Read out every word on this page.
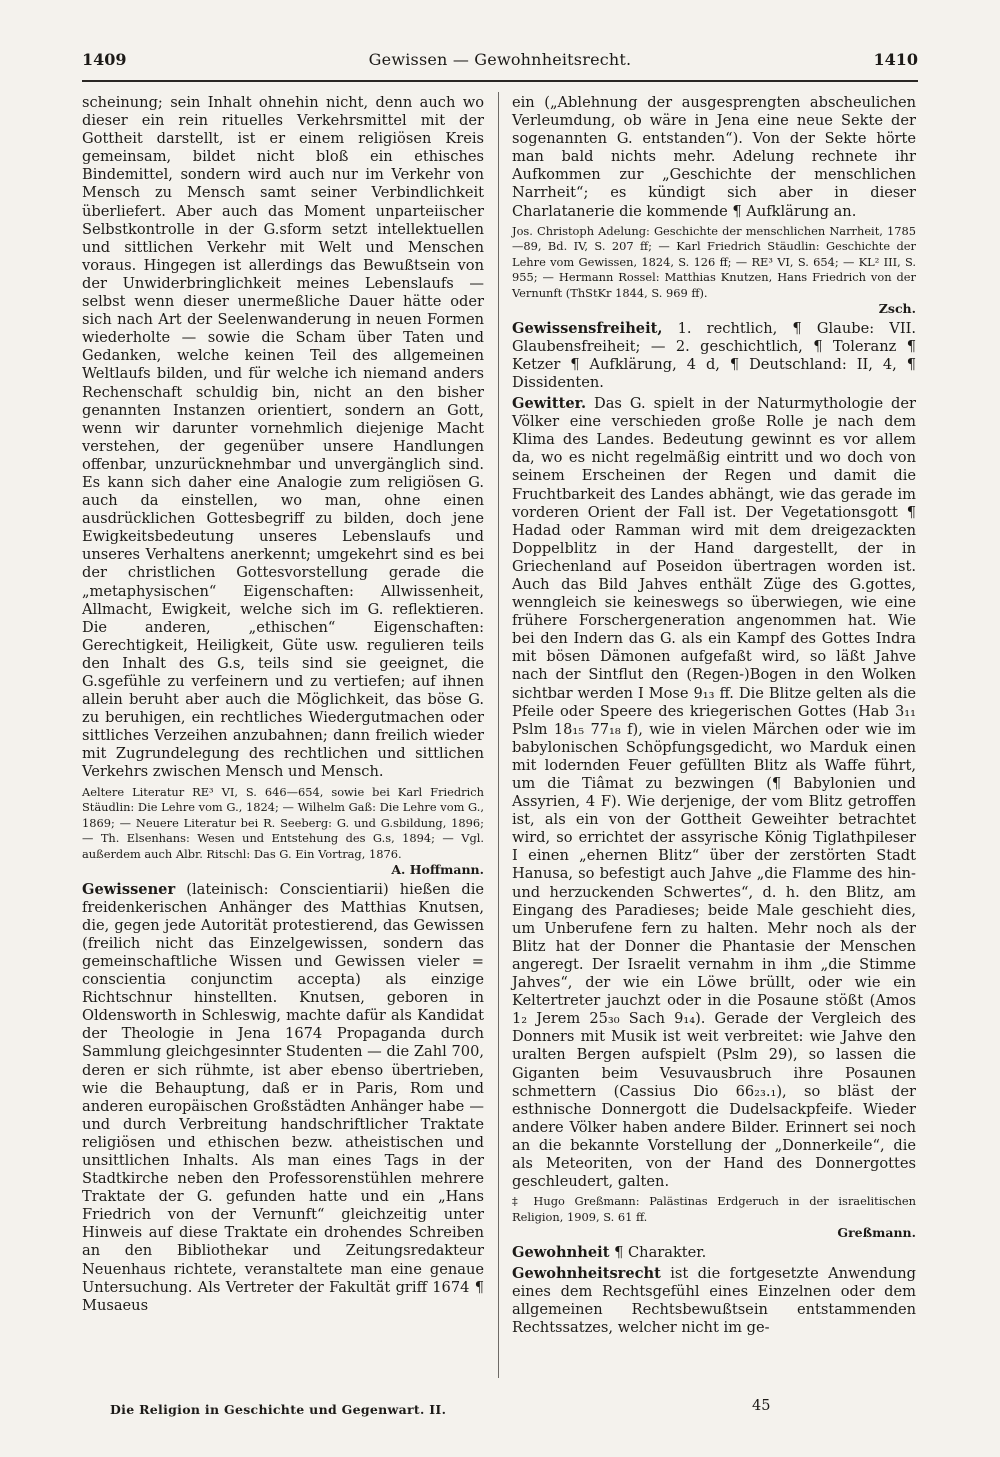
1409	Gewissen — Gewohnheitsrecht.	1410

scheinung; sein Inhalt ohnehin nicht, denn auch wo dieser ein rein rituelles Verkehrsmittel mit der Gottheit darstellt, ist er einem religiösen Kreis gemeinsam, bildet nicht bloß ein ethisches Bindemittel, sondern wird auch nur im Verkehr von Mensch zu Mensch samt seiner Verbindlichkeit überliefert. Aber auch das Moment unparteiischer Selbstkontrolle in der G.sform setzt intellektuellen und sittlichen Verkehr mit Welt und Menschen voraus. Hingegen ist allerdings das Bewußtsein von der Unwiderbringlichkeit meines Lebenslaufs — selbst wenn dieser unermeßliche Dauer hätte oder sich nach Art der Seelenwanderung in neuen Formen wiederholte — sowie die Scham über Taten und Gedanken, welche keinen Teil des allgemeinen Weltlaufs bilden, und für welche ich niemand anders Rechenschaft schuldig bin, nicht an den bisher genannten Instanzen orientiert, sondern an Gott, wenn wir darunter vornehmlich diejenige Macht verstehen, der gegenüber unsere Handlungen offenbar, unzurücknehmbar und unvergänglich sind. Es kann sich daher eine Analogie zum religiösen G. auch da einstellen, wo man, ohne einen ausdrücklichen Gottesbegriff zu bilden, doch jene Ewigkeitsbedeutung unseres Lebenslaufs und unseres Verhaltens anerkennt; umgekehrt sind es bei der christlichen Gottesvorstellung gerade die „metaphysischen“ Eigenschaften: Allwissenheit, Allmacht, Ewigkeit, welche sich im G. reflektieren. Die anderen, „ethischen“ Eigenschaften: Gerechtigkeit, Heiligkeit, Güte usw. regulieren teils den Inhalt des G.s, teils sind sie geeignet, die G.sgefühle zu verfeinern und zu vertiefen; auf ihnen allein beruht aber auch die Möglichkeit, das böse G. zu beruhigen, ein rechtliches Wiedergutmachen oder sittliches Verzeihen anzubahnen; dann freilich wieder mit Zugrundelegung des rechtlichen und sittlichen Verkehrs zwischen Mensch und Mensch.

Aeltere Literatur RE³ VI, S. 646—654, sowie bei Karl Friedrich Stäudlin: Die Lehre vom G., 1824; — Wilhelm Gaß: Die Lehre vom G., 1869; — Neuere Literatur bei R. Seeberg: G. und G.sbildung, 1896; — Th. Elsenhans: Wesen und Entstehung des G.s, 1894; — Vgl. außerdem auch Albr. Ritschl: Das G. Ein Vortrag, 1876.
A. Hoffmann.

Gewissener (lateinisch: Conscientiarii) hießen die freidenkerischen Anhänger des Matthias Knutsen, die, gegen jede Autorität protestierend, das Gewissen (freilich nicht das Einzelgewissen, sondern das gemeinschaftliche Wissen und Gewissen vieler = conscientia conjunctim accepta) als einzige Richtschnur hinstellten. Knutsen, geboren in Oldensworth in Schleswig, machte dafür als Kandidat der Theologie in Jena 1674 Propaganda durch Sammlung gleichgesinnter Studenten — die Zahl 700, deren er sich rühmte, ist aber ebenso übertrieben, wie die Behauptung, daß er in Paris, Rom und anderen europäischen Großstädten Anhänger habe — und durch Verbreitung handschriftlicher Traktate religiösen und ethischen bezw. atheistischen und unsittlichen Inhalts. Als man eines Tags in der Stadtkirche neben den Professorenstühlen mehrere Traktate der G. gefunden hatte und ein „Hans Friedrich von der Vernunft“ gleichzeitig unter Hinweis auf diese Traktate ein drohendes Schreiben an den Bibliothekar und Zeitungsredakteur Neuenhaus richtete, veranstaltete man eine genaue Untersuchung. Als Vertreter der Fakultät griff 1674 ¶ Musaeus

ein („Ablehnung der ausgesprengten abscheulichen Verleumdung, ob wäre in Jena eine neue Sekte der sogenannten G. entstanden“). Von der Sekte hörte man bald nichts mehr. Adelung rechnete ihr Aufkommen zur „Geschichte der menschlichen Narrheit“; es kündigt sich aber in dieser Charlatanerie die kommende ¶ Aufklärung an.

Jos. Christoph Adelung: Geschichte der menschlichen Narrheit, 1785—89, Bd. IV, S. 207 ff; — Karl Friedrich Stäudlin: Geschichte der Lehre vom Gewissen, 1824, S. 126 ff; — RE³ VI, S. 654; — KL² III, S. 955; — Hermann Rossel: Matthias Knutzen, Hans Friedrich von der Vernunft (ThStKr 1844, S. 969 ff).
Zsch.

Gewissensfreiheit, 1. rechtlich, ¶ Glaube: VII. Glaubensfreiheit; — 2. geschichtlich, ¶ Toleranz ¶ Ketzer ¶ Aufklärung, 4 d, ¶ Deutschland: II, 4, ¶ Dissidenten.

Gewitter. Das G. spielt in der Naturmythologie der Völker eine verschieden große Rolle je nach dem Klima des Landes. Bedeutung gewinnt es vor allem da, wo es nicht regelmäßig eintritt und wo doch von seinem Erscheinen der Regen und damit die Fruchtbarkeit des Landes abhängt, wie das gerade im vorderen Orient der Fall ist. Der Vegetationsgott ¶ Hadad oder Ramman wird mit dem dreigezackten Doppelblitz in der Hand dargestellt, der in Griechenland auf Poseidon übertragen worden ist. Auch das Bild Jahves enthält Züge des G.gottes, wenngleich sie keineswegs so überwiegen, wie eine frühere Forschergeneration angenommen hat. Wie bei den Indern das G. als ein Kampf des Gottes Indra mit bösen Dämonen aufgefaßt wird, so läßt Jahve nach der Sintflut den (Regen-)Bogen in den Wolken sichtbar werden I Mose 9₁₃ ff. Die Blitze gelten als die Pfeile oder Speere des kriegerischen Gottes (Hab 3₁₁ Pslm 18₁₅ 77₁₈ f), wie in vielen Märchen oder wie im babylonischen Schöpfungsgedicht, wo Marduk einen mit lodernden Feuer gefüllten Blitz als Waffe führt, um die Tiâmat zu bezwingen (¶ Babylonien und Assyrien, 4 F). Wie derjenige, der vom Blitz getroffen ist, als ein von der Gottheit Geweihter betrachtet wird, so errichtet der assyrische König Tiglathpileser I einen „ehernen Blitz“ über der zerstörten Stadt Hanusa, so befestigt auch Jahve „die Flamme des hin- und herzuckenden Schwertes“, d. h. den Blitz, am Eingang des Paradieses; beide Male geschieht dies, um Unberufene fern zu halten. Mehr noch als der Blitz hat der Donner die Phantasie der Menschen angeregt. Der Israelit vernahm in ihm „die Stimme Jahves“, der wie ein Löwe brüllt, oder wie ein Keltertreter jauchzt oder in die Posaune stößt (Amos 1₂ Jerem 25₃₀ Sach 9₁₄). Gerade der Vergleich des Donners mit Musik ist weit verbreitet: wie Jahve den uralten Bergen aufspielt (Pslm 29), so lassen die Giganten beim Vesuvausbruch ihre Posaunen schmettern (Cassius Dio 66₂₃.₁), so bläst der esthnische Donnergott die Dudelsackpfeife. Wieder andere Völker haben andere Bilder. Erinnert sei noch an die bekannte Vorstellung der „Donnerkeile“, die als Meteoriten, von der Hand des Donnergottes geschleudert, galten.

‡ Hugo Greßmann: Palästinas Erdgeruch in der israelitischen Religion, 1909, S. 61 ff.
Greßmann.

Gewohnheit ¶ Charakter.

Gewohnheitsrecht ist die fortgesetzte Anwendung eines dem Rechtsgefühl eines Einzelnen oder dem allgemeinen Rechtsbewußtsein entstammenden Rechtssatzes, welcher nicht im ge-

Die Religion in Geschichte und Gegenwart. II.	45
